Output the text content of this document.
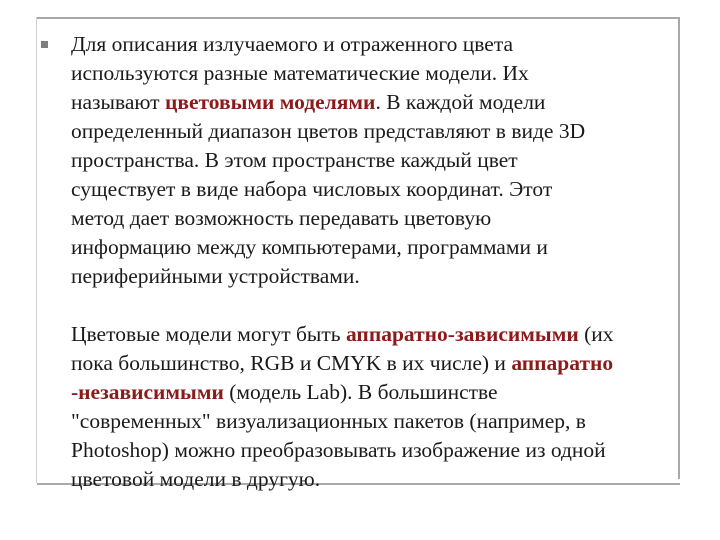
Для описания излучаемого и отраженного цвета
используются разные математические модели. Их
называют цветовыми моделями. В каждой модели
определенный диапазон цветов представляют в виде 3D
пространства. В этом пространстве каждый цвет
существует в виде набора числовых координат. Этот
метод дает возможность передавать цветовую
информацию между компьютерами, программами и
периферийными устройствами.

Цветовые модели могут быть аппаратно-зависимыми (их
пока большинство, RGB и CMYK в их числе) и аппаратно
-независимыми (модель Lab). В большинстве
"современных" визуализационных пакетов (например, в
Photoshop) можно преобразовывать изображение из одной
цветовой модели в другую.
